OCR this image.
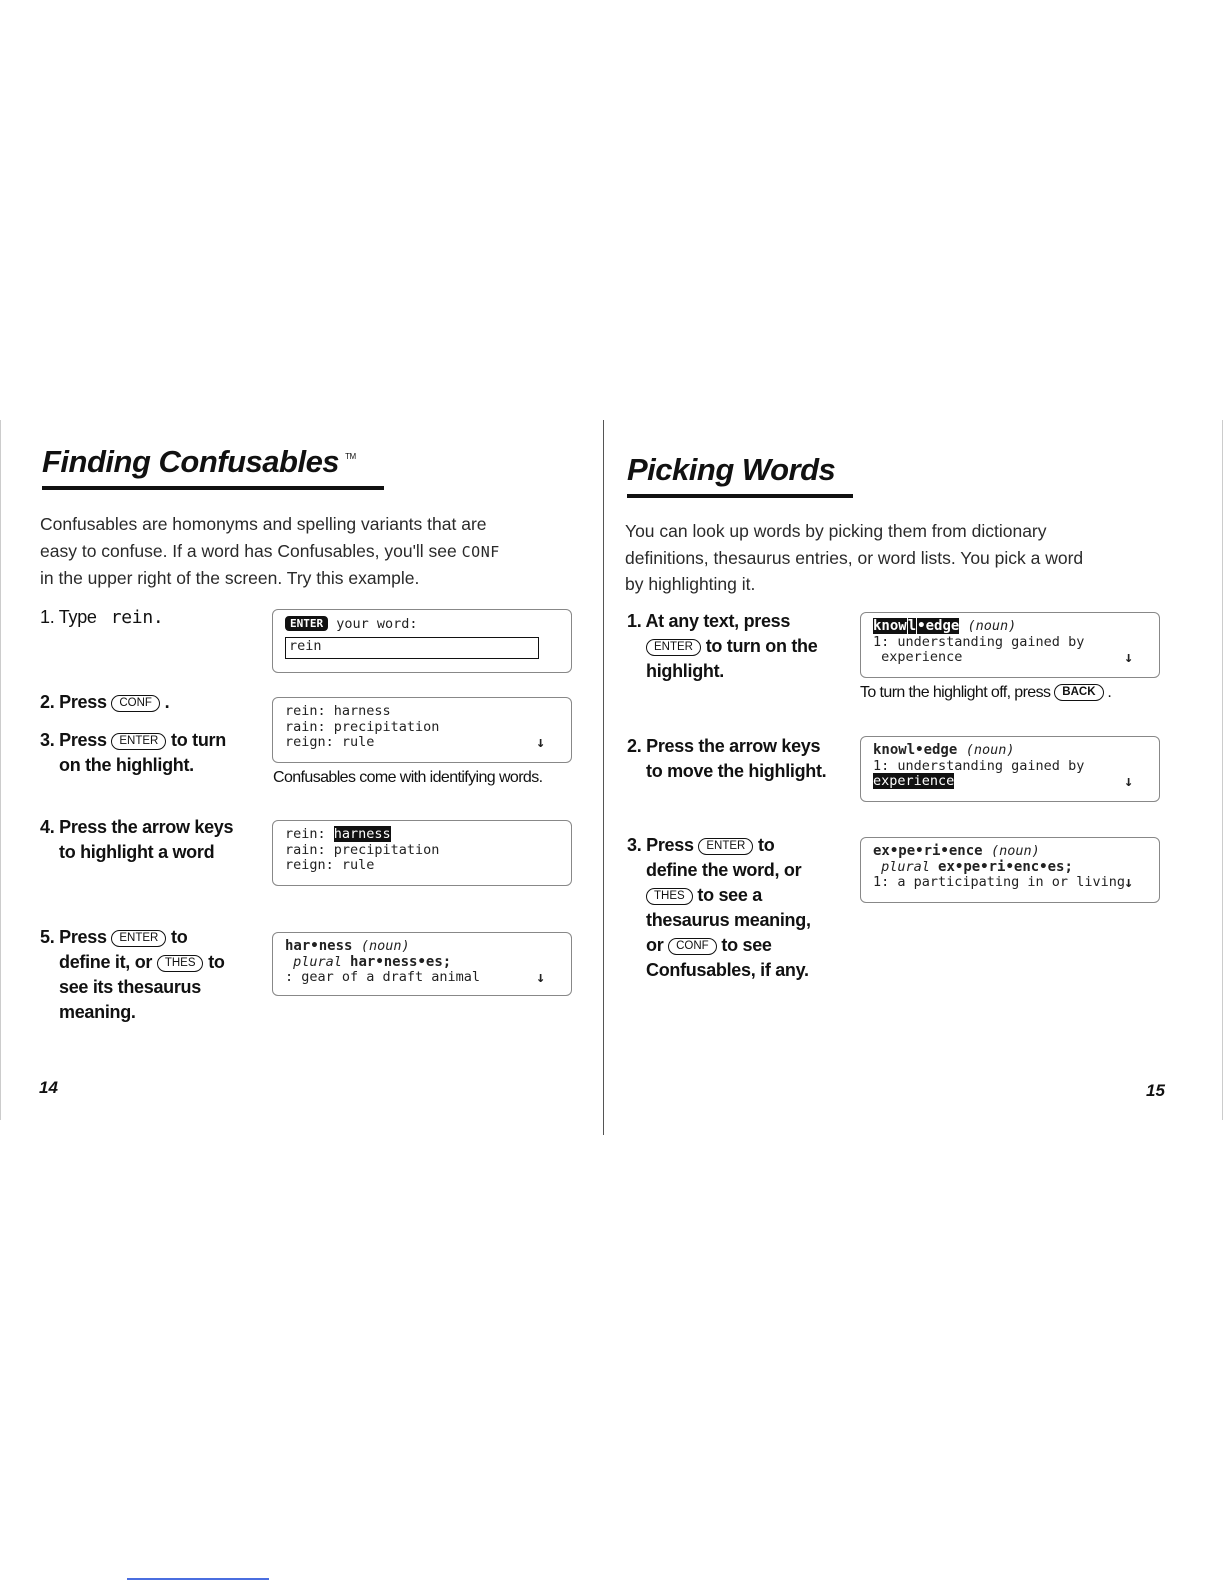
Finding Confusables ™
Confusables are homonyms and spelling variants that are
easy to confuse. If a word has Confusables, you'll see CONF
in the upper right of the screen. Try this example.
1. Type rein.	ENTER your word:
rein
2. Press CONF .
3. Press ENTER to turn
on the highlight.
rein: harness
rain: precipitation
reign: rule	↓
Confusables come with identifying words.
4. Press the arrow keys
to highlight a word
rein: harness
rain: precipitation
reign: rule
5. Press ENTER to
define it, or THES to
see its thesaurus
meaning.
har•ness (noun)
plural har•ness•es;
: gear of a draft animal	↓
14
Picking Words
You can look up words by picking them from dictionary
definitions, thesaurus entries, or word lists. You pick a word
by highlighting it.
1. At any text, press
ENTER to turn on the
highlight.
knowl•edge (noun)
1: understanding gained by
experience	↓
To turn the highlight off, press BACK .
2. Press the arrow keys
to move the highlight.
knowl•edge (noun)
1: understanding gained by
experience	↓
3. Press ENTER to
define the word, or
THES to see a
thesaurus meaning,
or CONF to see
Confusables, if any.
ex•pe•ri•ence (noun)
plural ex•pe•ri•enc•es;
1: a participating in or living ↓
15
